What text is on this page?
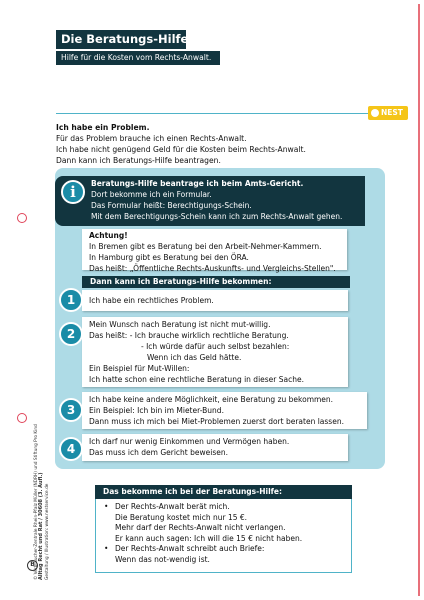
Die Beratungs-Hilfe
Hilfe für die Kosten vom Rechts-Anwalt.
NEST
Ich habe ein Problem.
Für das Problem brauche ich einen Rechts-Anwalt.
Ich habe nicht genügend Geld für die Kosten beim Rechts-Anwalt.
Dann kann ich Beratungs-Hilfe beantragen.
i	Beratungs-Hilfe beantrage ich beim Amts-Gericht.
Dort bekomme ich ein Formular.
Das Formular heißt: Berechtigungs-Schein.
Mit dem Berechtigungs-Schein kann ich zum Rechts-Anwalt gehen.
Achtung!
In Bremen gibt es Beratung bei den Arbeit-Nehmer-Kammern.
In Hamburg gibt es Beratung bei den ÖRA.
Das heißt: „Öffentliche Rechts-Auskunfts- und Vergleichs-Stellen".
Dann kann ich Beratungs-Hilfe bekommen:
Ich habe ein rechtliches Problem.
1
Mein Wunsch nach Beratung ist nicht mut-willig.
Das heißt: - Ich brauche wirklich rechtliche Beratung.
- Ich würde dafür auch selbst bezahlen:
Wenn ich das Geld hätte.
Ein Beispiel für Mut-Willen:
Ich hatte schon eine rechtliche Beratung in dieser Sache.
2
Ich habe keine andere Möglichkeit, eine Beratung zu bekommen.
Ein Beispiel: Ich bin im Mieter-Bund.
Dann muss ich mich bei Miet-Problemen zuerst dort beraten lassen.
3
Ich darf nur wenig Einkommen und Vermögen haben.
Das muss ich dem Gericht beweisen.
4
Das bekomme ich bei der Beratungs-Hilfe:
• Der Rechts-Anwalt berät mich.
Die Beratung kostet mich nur 15 €.
Mehr darf der Rechts-Anwalt nicht verlangen.
Er kann auch sagen: Ich will die 15 € nicht haben.
• Der Rechts-Anwalt schreibt auch Briefe:
Wenn das not-wendig ist.
© Verbraucher-Zentrale Rhein-Pfalz Müller (NDRH) und Stiftung Pro Kind Alltag Recht und Rat / 30608 (3. Aufl.) Gestaltung / Illustration: www.nestservice.de
B
